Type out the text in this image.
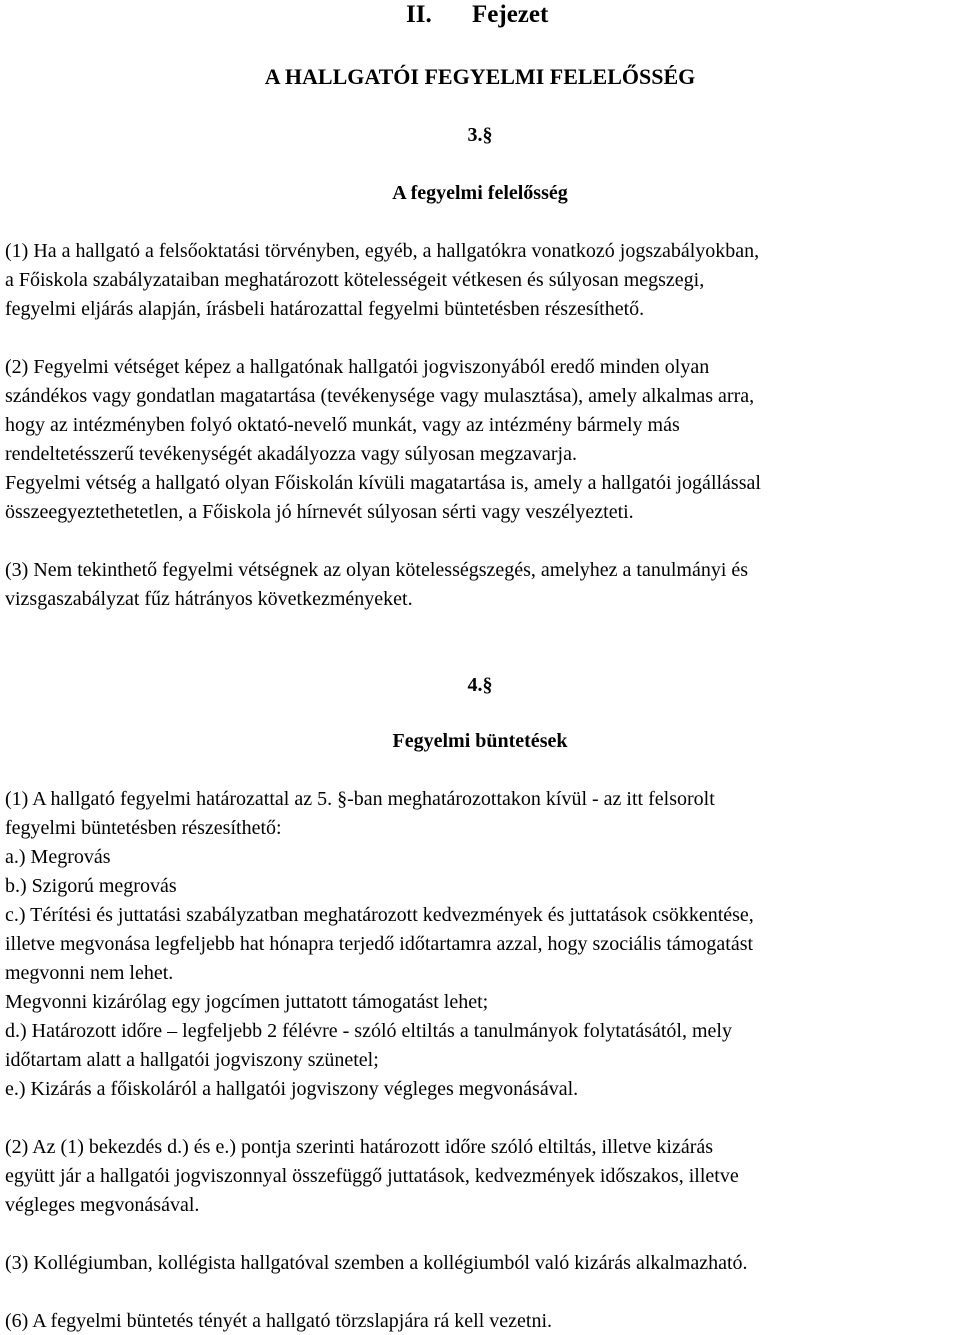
II. Fejezet
A HALLGATÓI FEGYELMI FELELŐSSÉG
3.§
A fegyelmi felelősség
(1) Ha a hallgató a felsőoktatási törvényben, egyéb, a hallgatókra vonatkozó jogszabályokban,
a Főiskola szabályzataiban meghatározott kötelességeit vétkesen és súlyosan megszegi,
fegyelmi eljárás alapján, írásbeli határozattal fegyelmi büntetésben részesíthető.
(2) Fegyelmi vétséget képez a hallgatónak hallgatói jogviszonyából eredő minden olyan
szándékos vagy gondatlan magatartása (tevékenysége vagy mulasztása), amely alkalmas arra,
hogy az intézményben folyó oktató-nevelő munkát, vagy az intézmény bármely más
rendeltetésszerű tevékenységét akadályozza vagy súlyosan megzavarja.
Fegyelmi vétség a hallgató olyan Főiskolán kívüli magatartása is, amely a hallgatói jogállással
összeegyeztethetetlen, a Főiskola jó hírnevét súlyosan sérti vagy veszélyezteti.
(3) Nem tekinthető fegyelmi vétségnek az olyan kötelességszegés, amelyhez a tanulmányi és
vizsgaszabályzat fűz hátrányos következményeket.
4.§
Fegyelmi büntetések
(1) A hallgató fegyelmi határozattal az 5. §-ban meghatározottakon kívül - az itt felsorolt
fegyelmi büntetésben részesíthető:
a.) Megrovás
b.) Szigorú megrovás
c.) Térítési és juttatási szabályzatban meghatározott kedvezmények és juttatások csökkentése,
illetve megvonása legfeljebb hat hónapra terjedő időtartamra azzal, hogy szociális támogatást
megvonni nem lehet.
Megvonni kizárólag egy jogcímen juttatott támogatást lehet;
d.) Határozott időre – legfeljebb 2 félévre - szóló eltiltás a tanulmányok folytatásától, mely
időtartam alatt a hallgatói jogviszony szünetel;
e.) Kizárás a főiskoláról a hallgatói jogviszony végleges megvonásával.
(2) Az (1) bekezdés d.) és e.) pontja szerinti határozott időre szóló eltiltás, illetve kizárás
együtt jár a hallgatói jogviszonnyal összefüggő juttatások, kedvezmények időszakos, illetve
végleges megvonásával.
(3) Kollégiumban, kollégista hallgatóval szemben a kollégiumból való kizárás alkalmazható.
(6) A fegyelmi büntetés tényét a hallgató törzslapjára rá kell vezetni.
